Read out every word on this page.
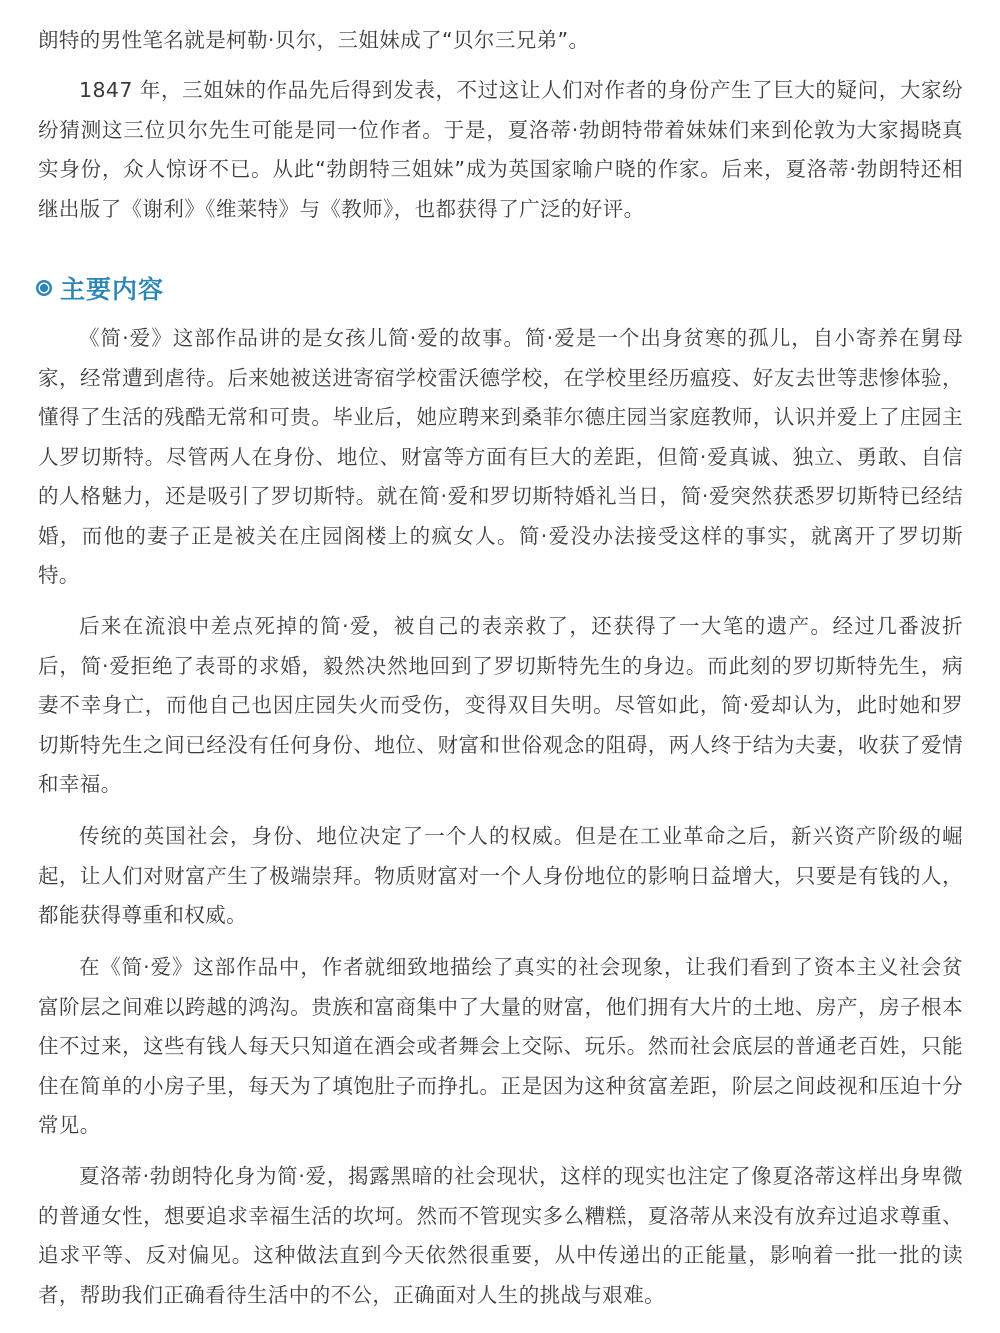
朗特的男性笔名就是柯勒·贝尔，三姐妹成了“贝尔三兄弟”。

1847 年，三姐妹的作品先后得到发表，不过这让人们对作者的身份产生了巨大的疑问，大家纷纷猜测这三位贝尔先生可能是同一位作者。于是，夏洛蒂·勃朗特带着妹妹们来到伦敦为大家揭晓真实身份，众人惊讶不已。从此“勃朗特三姐妹”成为英国家喻户晓的作家。后来，夏洛蒂·勃朗特还相继出版了《谢利》《维莱特》与《教师》，也都获得了广泛的好评。

主要内容

《简·爱》这部作品讲的是女孩儿简·爱的故事。简·爱是一个出身贫寒的孤儿，自小寄养在舅母家，经常遭到虐待。后来她被送进寄宿学校雷沃德学校，在学校里经历瘟疫、好友去世等悲惨体验，懂得了生活的残酷无常和可贵。毕业后，她应聘来到桑菲尔德庄园当家庭教师，认识并爱上了庄园主人罗切斯特。尽管两人在身份、地位、财富等方面有巨大的差距，但简·爱真诚、独立、勇敢、自信的人格魅力，还是吸引了罗切斯特。就在简·爱和罗切斯特婚礼当日，简·爱突然获悉罗切斯特已经结婚，而他的妻子正是被关在庄园阁楼上的疯女人。简·爱没办法接受这样的事实，就离开了罗切斯特。

后来在流浪中差点死掉的简·爱，被自己的表亲救了，还获得了一大笔的遗产。经过几番波折后，简·爱拒绝了表哥的求婚，毅然决然地回到了罗切斯特先生的身边。而此刻的罗切斯特先生，病妻不幸身亡，而他自己也因庄园失火而受伤，变得双目失明。尽管如此，简·爱却认为，此时她和罗切斯特先生之间已经没有任何身份、地位、财富和世俗观念的阻碍，两人终于结为夫妻，收获了爱情和幸福。

传统的英国社会，身份、地位决定了一个人的权威。但是在工业革命之后，新兴资产阶级的崛起，让人们对财富产生了极端崇拜。物质财富对一个人身份地位的影响日益增大，只要是有钱的人，都能获得尊重和权威。

在《简·爱》这部作品中，作者就细致地描绘了真实的社会现象，让我们看到了资本主义社会贫富阶层之间难以跨越的鸿沟。贵族和富商集中了大量的财富，他们拥有大片的土地、房产，房子根本住不过来，这些有钱人每天只知道在酒会或者舞会上交际、玩乐。然而社会底层的普通老百姓，只能住在简单的小房子里，每天为了填饱肚子而挣扎。正是因为这种贫富差距，阶层之间歧视和压迫十分常见。

夏洛蒂·勃朗特化身为简·爱，揭露黑暗的社会现状，这样的现实也注定了像夏洛蒂这样出身卑微的普通女性，想要追求幸福生活的坎坷。然而不管现实多么糟糕，夏洛蒂从来没有放弃过追求尊重、追求平等、反对偏见。这种做法直到今天依然很重要，从中传递出的正能量，影响着一批一批的读者，帮助我们正确看待生活中的不公，正确面对人生的挑战与艰难。
